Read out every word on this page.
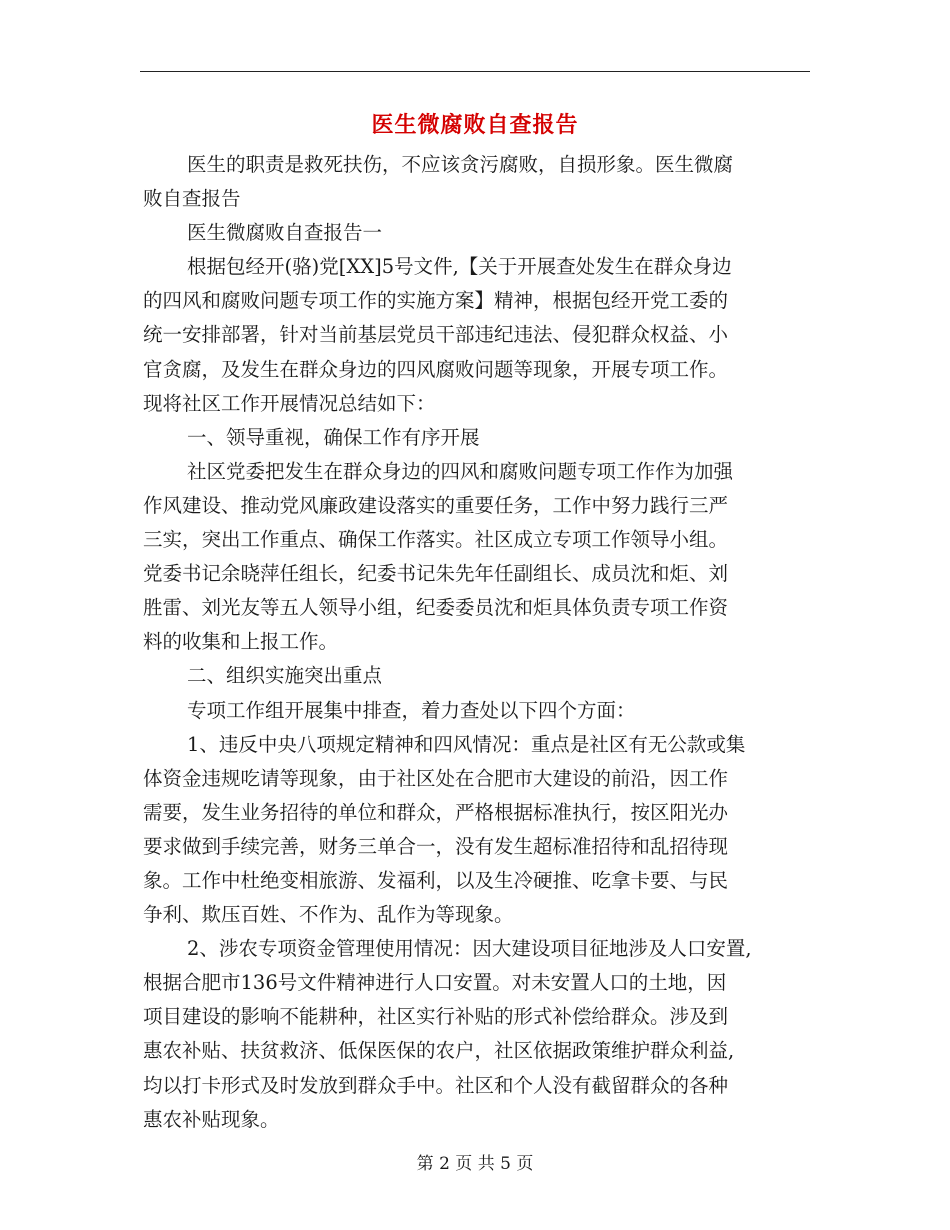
医生微腐败自查报告
医生的职责是救死扶伤，不应该贪污腐败，自损形象。医生微腐
败自查报告
医生微腐败自查报告一
根据包经开(骆)党[XX]5号文件,【关于开展查处发生在群众身边
的四风和腐败问题专项工作的实施方案】精神，根据包经开党工委的
统一安排部署，针对当前基层党员干部违纪违法、侵犯群众权益、小
官贪腐，及发生在群众身边的四风腐败问题等现象，开展专项工作。
现将社区工作开展情况总结如下：
一、领导重视，确保工作有序开展
社区党委把发生在群众身边的四风和腐败问题专项工作作为加强
作风建设、推动党风廉政建设落实的重要任务，工作中努力践行三严
三实，突出工作重点、确保工作落实。社区成立专项工作领导小组。
党委书记余晓萍任组长，纪委书记朱先年任副组长、成员沈和炬、刘
胜雷、刘光友等五人领导小组，纪委委员沈和炬具体负责专项工作资
料的收集和上报工作。
二、组织实施突出重点
专项工作组开展集中排查，着力查处以下四个方面：
1、违反中央八项规定精神和四风情况：重点是社区有无公款或集
体资金违规吃请等现象，由于社区处在合肥市大建设的前沿，因工作
需要，发生业务招待的单位和群众，严格根据标准执行，按区阳光办
要求做到手续完善，财务三单合一，没有发生超标准招待和乱招待现
象。工作中杜绝变相旅游、发福利，以及生冷硬推、吃拿卡要、与民
争利、欺压百姓、不作为、乱作为等现象。
2、涉农专项资金管理使用情况：因大建设项目征地涉及人口安置,
根据合肥市136号文件精神进行人口安置。对未安置人口的土地，因
项目建设的影响不能耕种，社区实行补贴的形式补偿给群众。涉及到
惠农补贴、扶贫救济、低保医保的农户，社区依据政策维护群众利益,
均以打卡形式及时发放到群众手中。社区和个人没有截留群众的各种
惠农补贴现象。
第 2 页 共 5 页
